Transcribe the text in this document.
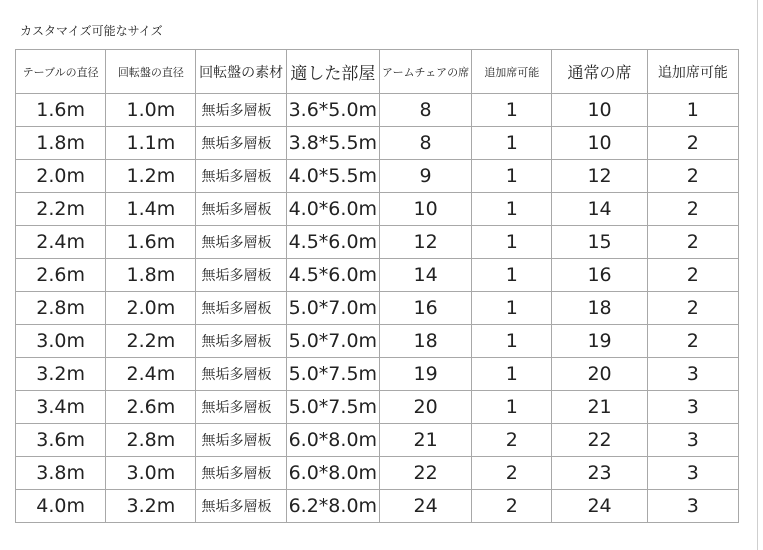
カスタマイズ可能なサイズ
テーブルの直径	回転盤の直径	回転盤の素材	適した部屋	アームチェアの席	追加席可能	通常の席	追加席可能
1.6m	1.0m	無垢多層板	3.6*5.0m	8	1	10	1
1.8m	1.1m	無垢多層板	3.8*5.5m	8	1	10	2
2.0m	1.2m	無垢多層板	4.0*5.5m	9	1	12	2
2.2m	1.4m	無垢多層板	4.0*6.0m	10	1	14	2
2.4m	1.6m	無垢多層板	4.5*6.0m	12	1	15	2
2.6m	1.8m	無垢多層板	4.5*6.0m	14	1	16	2
2.8m	2.0m	無垢多層板	5.0*7.0m	16	1	18	2
3.0m	2.2m	無垢多層板	5.0*7.0m	18	1	19	2
3.2m	2.4m	無垢多層板	5.0*7.5m	19	1	20	3
3.4m	2.6m	無垢多層板	5.0*7.5m	20	1	21	3
3.6m	2.8m	無垢多層板	6.0*8.0m	21	2	22	3
3.8m	3.0m	無垢多層板	6.0*8.0m	22	2	23	3
4.0m	3.2m	無垢多層板	6.2*8.0m	24	2	24	3
